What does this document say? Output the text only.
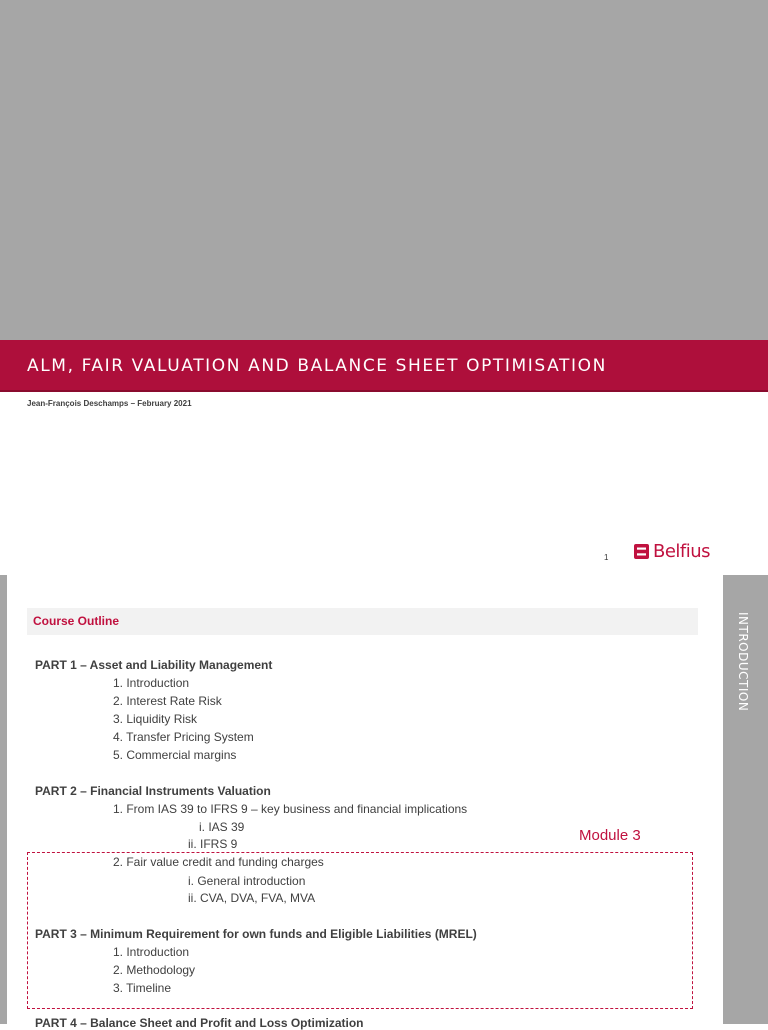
ALM, FAIR VALUATION AND BALANCE SHEET OPTIMISATION
Jean-François Deschamps – February 2021
1 Belfius
INTRODUCTION
Course Outline
PART 1 – Asset and Liability Management
1. Introduction
2. Interest Rate Risk
3. Liquidity Risk
4. Transfer Pricing System
5. Commercial margins
PART 2 – Financial Instruments Valuation
1. From IAS 39 to IFRS 9 – key business and financial implications
i. IAS 39
ii. IFRS 9	Module 3
2. Fair value credit and funding charges
i. General introduction
ii. CVA, DVA, FVA, MVA
PART 3 – Minimum Requirement for own funds and Eligible Liabilities (MREL)
1. Introduction
2. Methodology
3. Timeline
PART 4 – Balance Sheet and Profit and Loss Optimization
